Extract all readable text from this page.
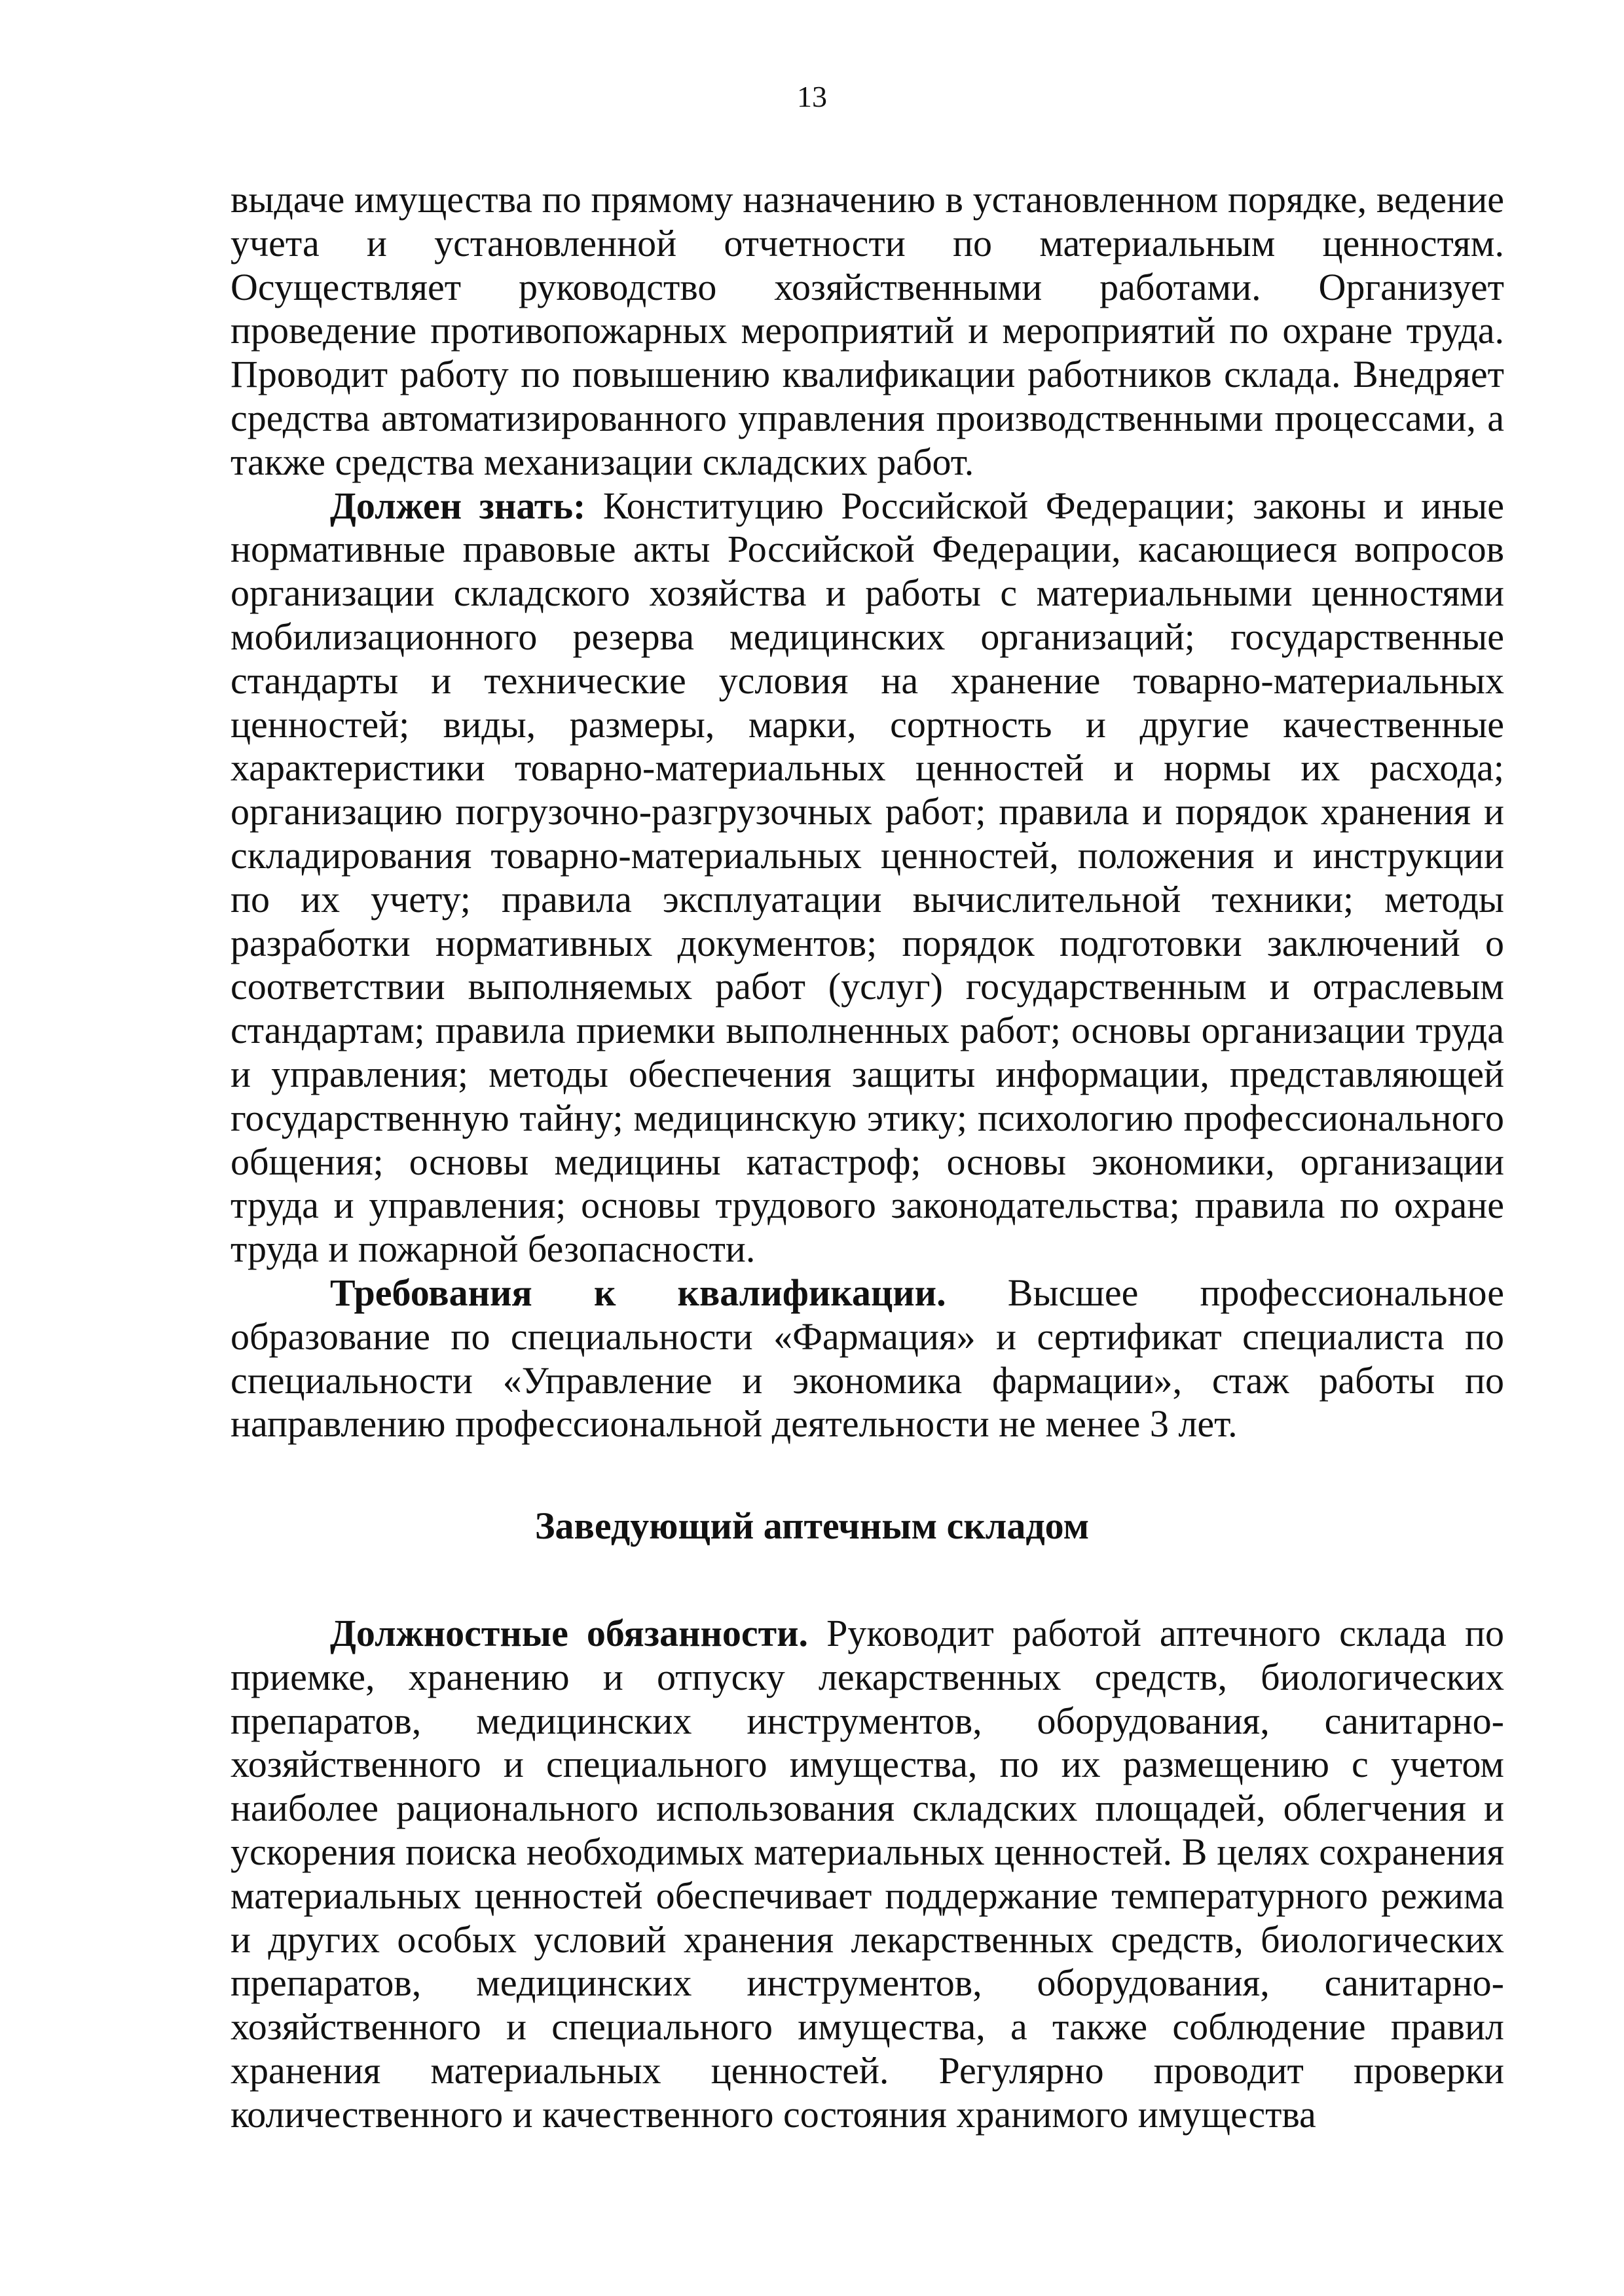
13

выдаче имущества по прямому назначению в установленном порядке, ведение учета и установленной отчетности по материальным ценностям. Осуществляет руководство хозяйственными работами. Организует проведение противопожарных мероприятий и мероприятий по охране труда. Проводит работу по повышению квалификации работников склада. Внедряет средства автоматизированного управления производственными процессами, а также средства механизации складских работ.

Должен знать: Конституцию Российской Федерации; законы и иные нормативные правовые акты Российской Федерации, касающиеся вопросов организации складского хозяйства и работы с материальными ценностями мобилизационного резерва медицинских организаций; государственные стандарты и технические условия на хранение товарно-материальных ценностей; виды, размеры, марки, сортность и другие качественные характеристики товарно-материальных ценностей и нормы их расхода; организацию погрузочно-разгрузочных работ; правила и порядок хранения и складирования товарно-материальных ценностей, положения и инструкции по их учету; правила эксплуатации вычислительной техники; методы разработки нормативных документов; порядок подготовки заключений о соответствии выполняемых работ (услуг) государственным и отраслевым стандартам; правила приемки выполненных работ; основы организации труда и управления; методы обеспечения защиты информации, представляющей государственную тайну; медицинскую этику; психологию профессионального общения; основы медицины катастроф; основы экономики, организации труда и управления; основы трудового законодательства; правила по охране труда и пожарной безопасности.

Требования к квалификации. Высшее профессиональное образование по специальности «Фармация» и сертификат специалиста по специальности «Управление и экономика фармации», стаж работы по направлению профессиональной деятельности не менее 3 лет.

Заведующий аптечным складом

Должностные обязанности. Руководит работой аптечного склада по приемке, хранению и отпуску лекарственных средств, биологических препаратов, медицинских инструментов, оборудования, санитарно-хозяйственного и специального имущества, по их размещению с учетом наиболее рационального использования складских площадей, облегчения и ускорения поиска необходимых материальных ценностей. В целях сохранения материальных ценностей обеспечивает поддержание температурного режима и других особых условий хранения лекарственных средств, биологических препаратов, медицинских инструментов, оборудования, санитарно-хозяйственного и специального имущества, а также соблюдение правил хранения материальных ценностей. Регулярно проводит проверки количественного и качественного состояния хранимого имущества
